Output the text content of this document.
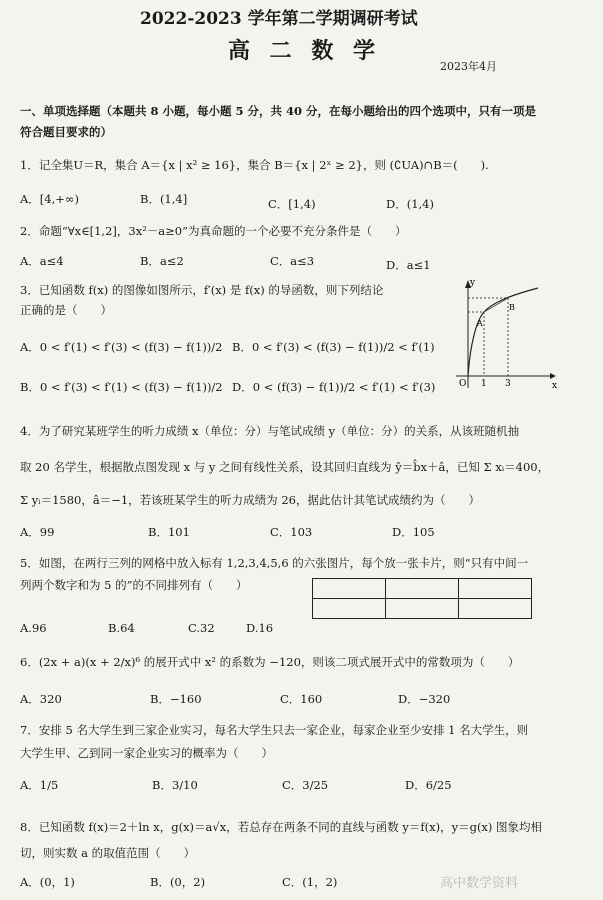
2022-2023 学年第二学期调研考试
高 二 数 学
2023年4月
一、单项选择题（本题共 8 小题，每小题 5 分，共 40 分，在每小题给出的四个选项中，只有一项是
符合题目要求的）
1．记全集U＝R，集合 A＝{x | x² ≥ 16}，集合 B＝{x | 2ˣ ≥ 2}，则 (∁UA)∩B＝(　　).
A．[4,+∞)	B．(1,4]	C．[1,4)	D．(1,4)
2．命题“∀x∈[1,2]，3x²－a≥0”为真命题的一个必要不充分条件是（　　）
A．a≤4	B．a≤2	C．a≤3	D．a≤1
3．已知函数 f(x) 的图像如图所示，f′(x) 是 f(x) 的导函数，则下列结论
正确的是（　　）
A．0 < f′(1) < f′(3) < (f(3) − f(1))/2 B．0 < f′(3) < (f(3) − f(1))/2 < f′(1)
B．0 < f′(3) < f′(1) < (f(3) − f(1))/2 D．0 < (f(3) − f(1))/2 < f′(1) < f′(3)
y
x
O 1 3
A
B
4．为了研究某班学生的听力成绩 x（单位：分）与笔试成绩 y（单位：分）的关系，从该班随机抽
取 20 名学生，根据散点图发现 x 与 y 之间有线性关系，设其回归直线为 ŷ＝b̂x＋â，已知 Σ xᵢ＝400，
Σ yᵢ＝1580，â＝−1，若该班某学生的听力成绩为 26，据此估计其笔试成绩约为（　　）
A．99	B．101	C．103	D．105
5．如图，在两行三列的网格中放入标有 1,2,3,4,5,6 的六张图片，每个放一张卡片，则“只有中间一
列两个数字和为 5 的”的不同排列有（　　）

A.96	B.64	C.32	D.16
6．(2x + a)(x + 2/x)⁶ 的展开式中 x² 的系数为 −120，则该二项式展开式中的常数项为（　　）
A．320	B．−160	C．160	D．−320
7．安排 5 名大学生到三家企业实习，每名大学生只去一家企业，每家企业至少安排 1 名大学生，则
大学生甲、乙到同一家企业实习的概率为（　　）
A．1/5	B．3/10	C．3/25	D．6/25
8．已知函数 f(x)＝2＋ln x，g(x)＝a√x，若总存在两条不同的直线与函数 y＝f(x)，y＝g(x) 图象均相
切，则实数 a 的取值范围（　　）
A．(0，1)	B．(0，2)	C．(1，2)	高中数学资料
